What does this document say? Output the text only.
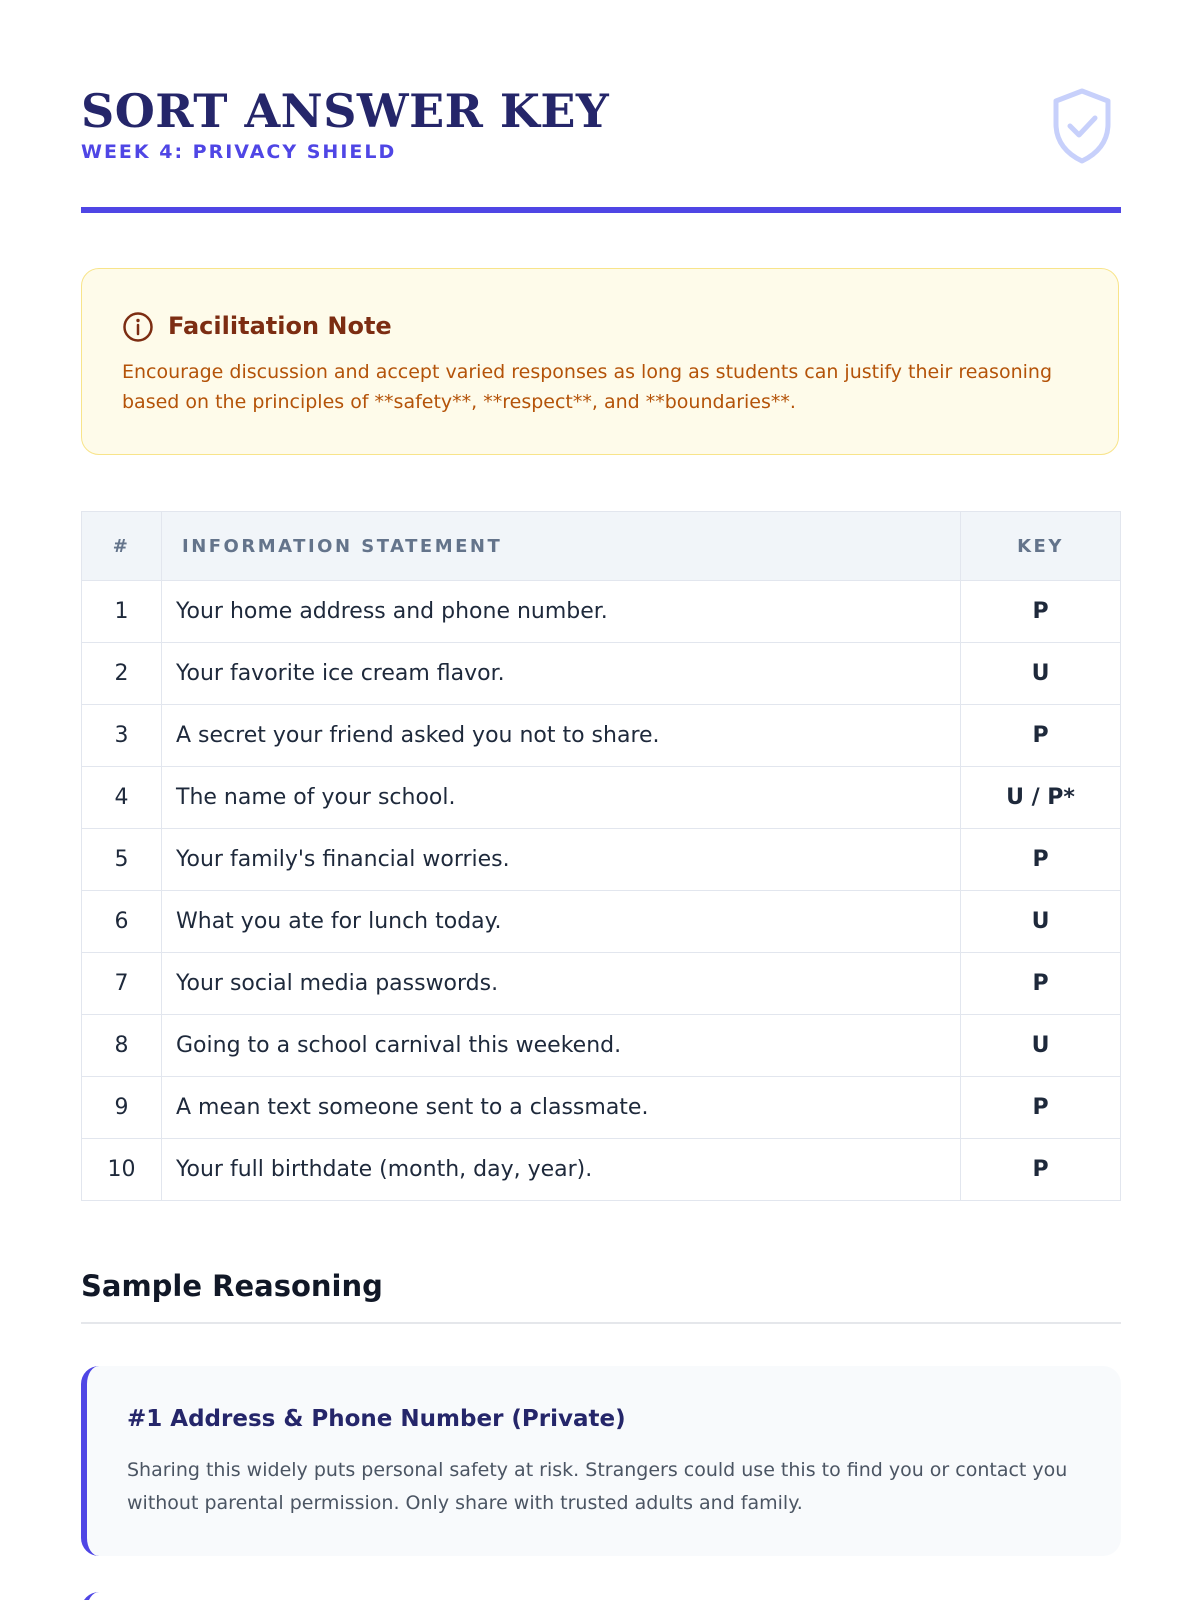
SORT ANSWER KEY
WEEK 4: PRIVACY SHIELD
Facilitation Note

Encourage discussion and accept varied responses as long as students can justify their reasoning based on the principles of **safety**, **respect**, and **boundaries**.

#	INFORMATION STATEMENT	KEY
1	Your home address and phone number.	P
2	Your favorite ice cream flavor.	U
3	A secret your friend asked you not to share.	P
4	The name of your school.	U / P*
5	Your family's financial worries.	P
6	What you ate for lunch today.	U
7	Your social media passwords.	P
8	Going to a school carnival this weekend.	U
9	A mean text someone sent to a classmate.	P
10	Your full birthdate (month, day, year).	P
Sample Reasoning
#1 Address & Phone Number (Private)

Sharing this widely puts personal safety at risk. Strangers could use this to find you or contact you without parental permission. Only share with trusted adults and family.
